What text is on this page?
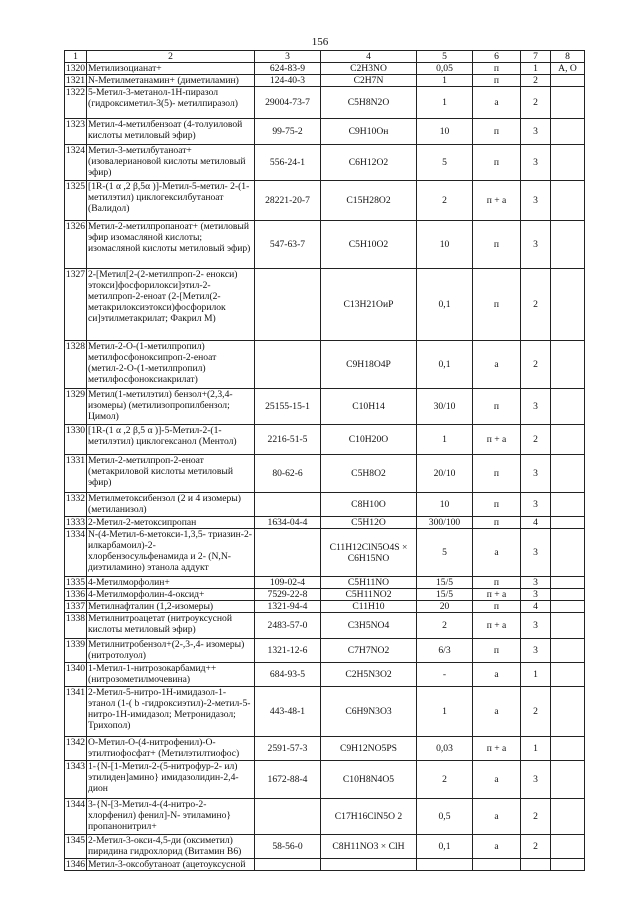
156
1	2	3	4	5	6	7	8
1320	Метилизоцианат+	624-83-9	C2H3NO	0,05	п	1	А, О
1321	N-Метилметанамин+ (диметиламин)	124-40-3	C2H7N	1	п	2	
1322	5-Метил-3-метанол-1Н-пиразол (гидроксиметил-3(5)- метилпиразол)	29004-73-7	C5H8N2O	1	а	2	
1323	Метил-4-метилбензоат (4-толуиловой кислоты метиловый эфир)	99-75-2	C9H10Oн	10	п	3	
1324	Метил-3-метилбутаноат+ (изовалериановой кислоты метиловый эфир)	556-24-1	C6H12O2	5	п	3	
1325	[1R-(1 α ,2 β,5α )]-Метил-5-метил- 2-(1-метилэтил) циклогексилбутаноат (Валидол)	28221-20-7	C15H28O2	2	п + а	3	
1326	Метил-2-метилпропаноат+ (метиловый эфир изомасляной кислоты; изомасляной кислоты метиловый эфир)	547-63-7	C5H10O2	10	п	3	
1327	2-[Метил[2-(2-метилпроп-2- енокси) этокси]фосфорилокси]этил-2-метилпроп-2-еноат (2-[Метил(2- метакрилоксиэтокси)фосфорилок си]этилметакрилат; Факрил М)		C13H21OиP	0,1	п	2	
1328	Метил-2-О-(1-метилпропил) метилфосфоноксипроп-2-еноат (метил-2-О-(1-метилпропил) метилфосфоноксиакрилат)		C9H18O4P	0,1	а	2	
1329	Метил(1-метилэтил) бензол+(2,3,4-изомеры) (метилизопропилбензол; Цимол)	25155-15-1	C10H14	30/10	п	3	
1330	[1R-(1 α ,2 β,5 α )]-5-Метил-2-(1-метилэтил) циклогексанол (Ментол)	2216-51-5	C10H20O	1	п + а	2	
1331	Метил-2-метилпроп-2-еноат (метакриловой кислоты метиловый эфир)	80-62-6	C5H8O2	20/10	п	3	
1332	Метилметоксибензол (2 и 4 изомеры) (метиланизол)		C8H10O	10	п	3	
1333	2-Метил-2-метоксипропан	1634-04-4	C5H12O	300/100	п	4	
1334	N-(4-Метил-6-метокси-1,3,5- триазин-2-илкарбамоил)-2-хлорбензосульфенамида и 2- (N,N-диэтиламино) этанола аддукт		C11H12ClN5O4S × C6H15NO	5	а	3	
1335	4-Метилморфолин+	109-02-4	C5H11NO	15/5	п	3	
1336	4-Метилморфолин-4-оксид+	7529-22-8	C5H11NO2	15/5	п + а	3	
1337	Метилнафталин (1,2-изомеры)	1321-94-4	C11H10	20	п	4	
1338	Метилнитроацетат (нитроуксусной кислоты метиловый эфир)	2483-57-0	C3H5NO4	2	п + а	3	
1339	Метилнитробензол+(2-,3-,4- изомеры) (нитротолуол)	1321-12-6	C7H7NO2	6/3	п	3	
1340	1-Метил-1-нитрозокарбамид++ (нитрозометилмочевина)	684-93-5	C2H5N3O2	-	а	1	
1341	2-Метил-5-нитро-1Н-имидазол-1-этанол (1-( b -гидроксиэтил)-2-метил-5- нитро-1Н-имидазол; Метронидазол; Трихопол)	443-48-1	C6H9N3O3	1	а	2	
1342	О-Метил-О-(4-нитрофенил)-О- этилтиофосфат+ (Метилэтилтиофос)	2591-57-3	C9H12NO5PS	0,03	п + а	1	
1343	1-{N-[1-Метил-2-(5-нитрофур-2- ил) этилиден]амино} имидазолидин-2,4-дион	1672-88-4	C10H8N4O5	2	а	3	
1344	3-{N-[3-Метил-4-(4-нитро-2- хлорфенил) фенил]-N- этиламино} пропанонитрил+		C17H16ClN5O 2	0,5	а	2	
1345	2-Метил-3-окси-4,5-ди (оксиметил) пиридина гидрохлорид (Витамин В6)	58-56-0	C8H11NO3 × ClH	0,1	а	2	
1346	Метил-3-оксобутаноат (ацетоуксусной						
